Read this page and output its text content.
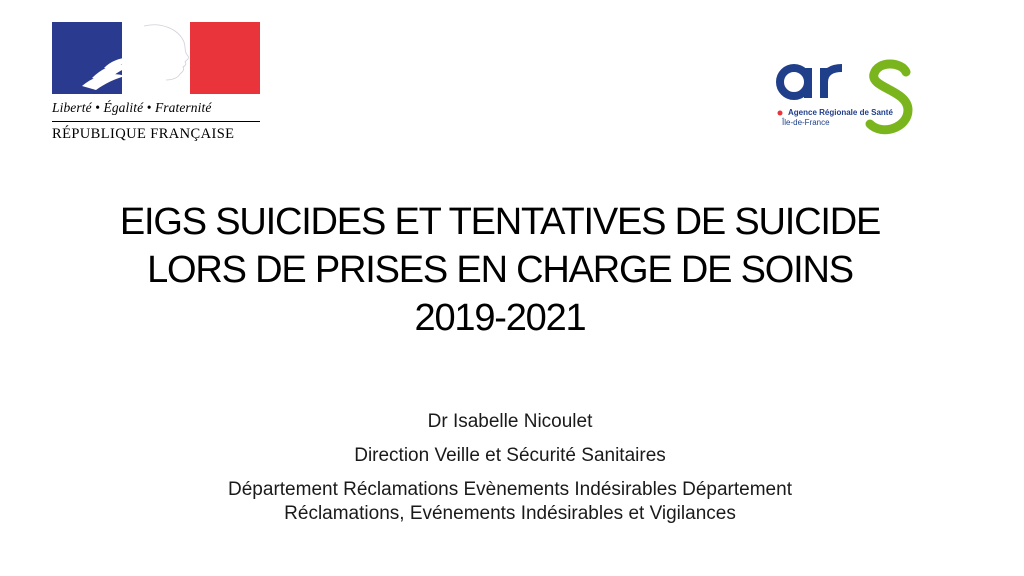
Liberté • Égalité • Fraternité
RÉPUBLIQUE FRANÇAISE
Agence Régionale de Santé
Île-de-France
EIGS SUICIDES ET TENTATIVES DE SUICIDE
LORS DE PRISES EN CHARGE DE SOINS
2019-2021
Dr Isabelle Nicoulet
Direction Veille et Sécurité Sanitaires
Département Réclamations Evènements Indésirables Département
Réclamations, Evénements Indésirables et Vigilances
